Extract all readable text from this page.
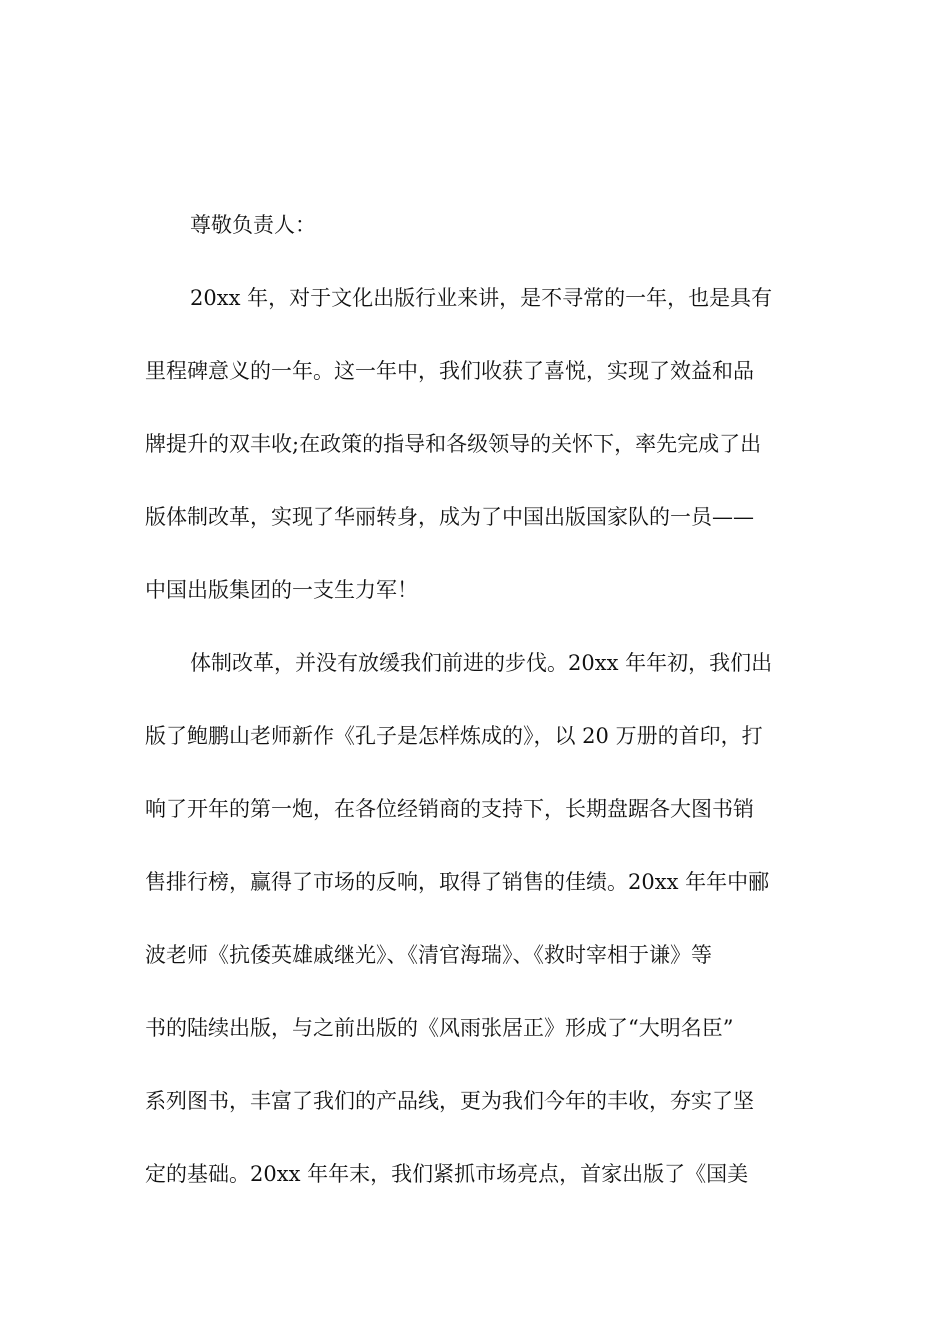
尊敬负责人：
20xx 年，对于文化出版行业来讲，是不寻常的一年，也是具有
里程碑意义的一年。这一年中，我们收获了喜悦，实现了效益和品
牌提升的双丰收;在政策的指导和各级领导的关怀下，率先完成了出
版体制改革，实现了华丽转身，成为了中国出版国家队的一员——
中国出版集团的一支生力军！
体制改革，并没有放缓我们前进的步伐。20xx 年年初，我们出
版了鲍鹏山老师新作《孔子是怎样炼成的》，以 20 万册的首印，打
响了开年的第一炮，在各位经销商的支持下，长期盘踞各大图书销
售排行榜，赢得了市场的反响，取得了销售的佳绩。20xx 年年中郦
波老师《抗倭英雄戚继光》、《清官海瑞》、《救时宰相于谦》等
书的陆续出版，与之前出版的《风雨张居正》形成了“大明名臣”
系列图书，丰富了我们的产品线，更为我们今年的丰收，夯实了坚
定的基础。20xx 年年末，我们紧抓市场亮点，首家出版了《国美
